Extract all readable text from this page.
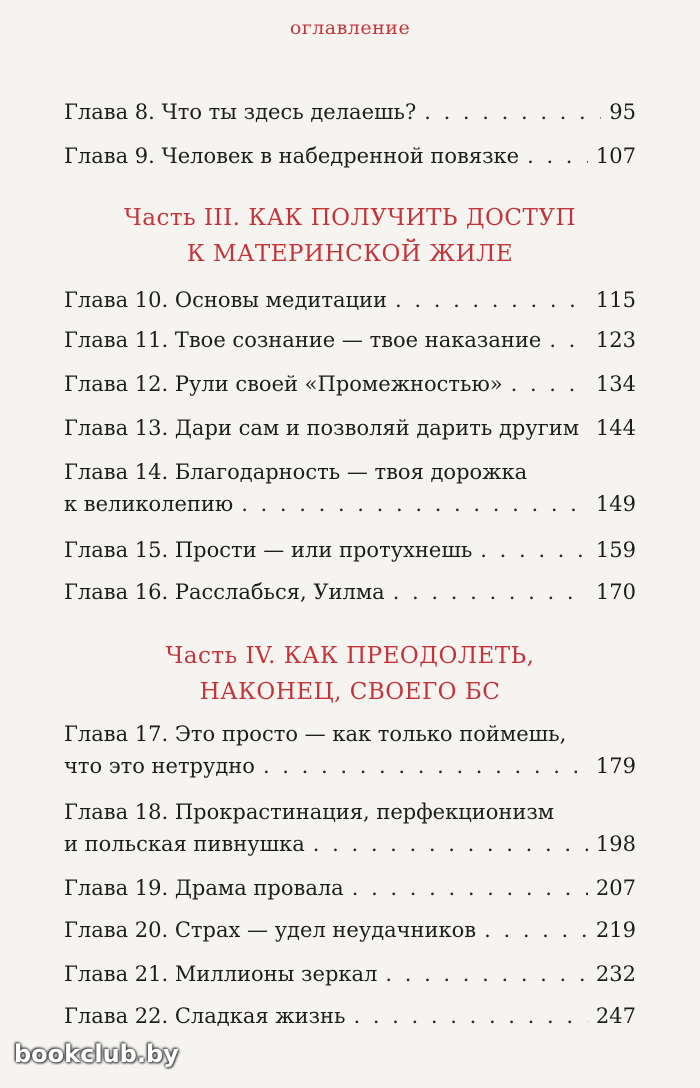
оглавление
Глава 8. Что ты здесь делаешь? . . .	95
Глава 9. Человек в набедренной повязке . . .	107
Часть III. КАК ПОЛУЧИТЬ ДОСТУП
К МАТЕРИНСКОЙ ЖИЛЕ
Глава 10. Основы медитации . . .	115
Глава 11. Твое сознание — твое наказание . . .	123
Глава 12. Рули своей «Промежностью» . . .	134
Глава 13. Дари сам и позволяй дарить другим . . . 144
Глава 14. Благодарность — твоя дорожка
к великолепию . . .	149
Глава 15. Прости — или протухнешь . . .	159
Глава 16. Расслабься, Уилма . . .	170
Часть IV. КАК ПРЕОДОЛЕТЬ,
НАКОНЕЦ, СВОЕГО БС
Глава 17. Это просто — как только поймешь,
что это нетрудно . . .	179
Глава 18. Прокрастинация, перфекционизм
и польская пивнушка . . .	198
Глава 19. Драма провала . . .	207
Глава 20. Страх — удел неудачников . . .	219
Глава 21. Миллионы зеркал . . .	232
Глава 22. Сладкая жизнь . . .	247
bookclub.by
